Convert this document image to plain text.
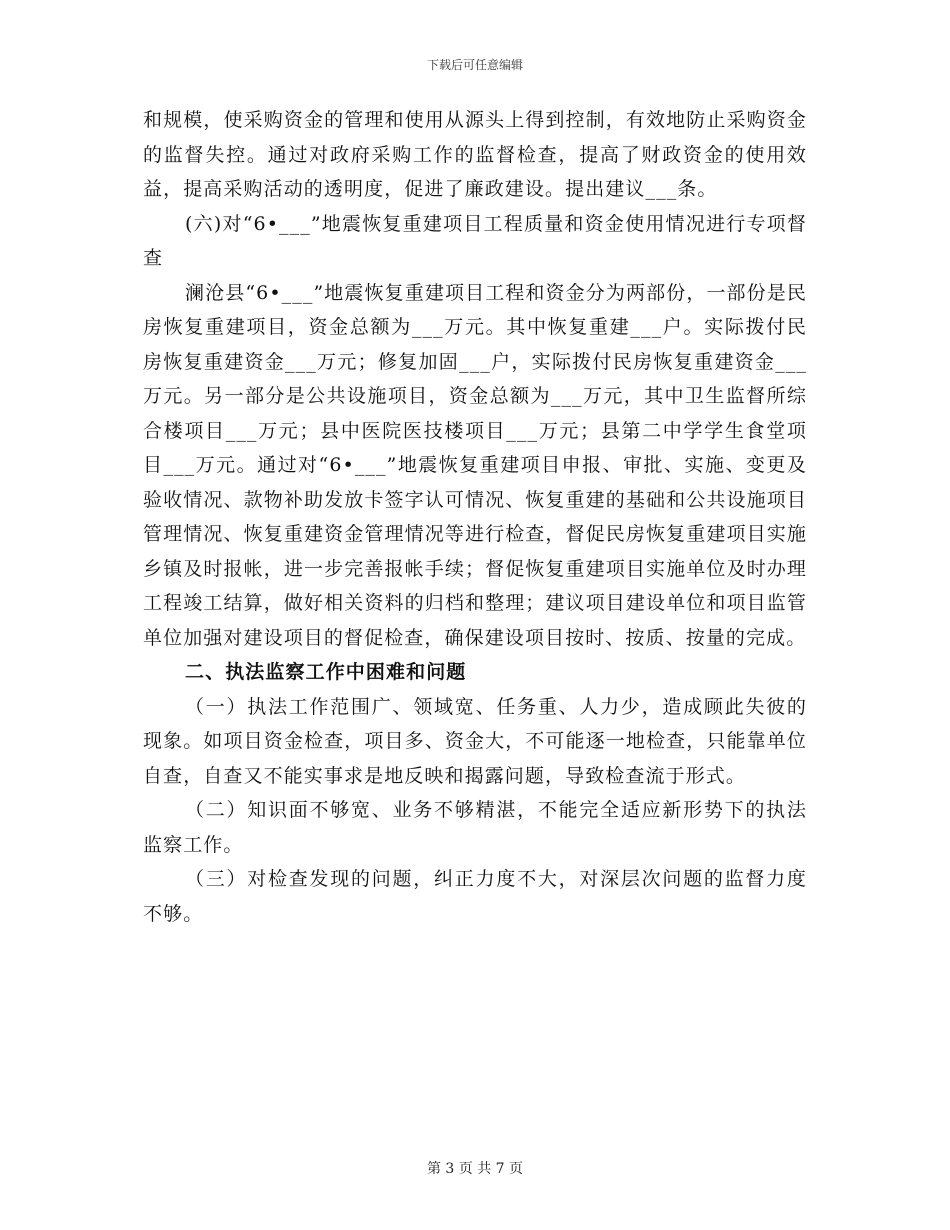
下载后可任意编辑

和规模，使采购资金的管理和使用从源头上得到控制，有效地防止采购资金的监督失控。通过对政府采购工作的监督检查，提高了财政资金的使用效益，提高采购活动的透明度，促进了廉政建设。提出建议___条。

(六)对“6•___”地震恢复重建项目工程质量和资金使用情况进行专项督查

澜沧县“6•___”地震恢复重建项目工程和资金分为两部份，一部份是民房恢复重建项目，资金总额为___万元。其中恢复重建___户。实际拨付民房恢复重建资金___万元；修复加固___户，实际拨付民房恢复重建资金___万元。另一部分是公共设施项目，资金总额为___万元，其中卫生监督所综合楼项目___万元；县中医院医技楼项目___万元；县第二中学学生食堂项目___万元。通过对“6•___”地震恢复重建项目申报、审批、实施、变更及验收情况、款物补助发放卡签字认可情况、恢复重建的基础和公共设施项目管理情况、恢复重建资金管理情况等进行检查，督促民房恢复重建项目实施乡镇及时报帐，进一步完善报帐手续；督促恢复重建项目实施单位及时办理工程竣工结算，做好相关资料的归档和整理；建议项目建设单位和项目监管单位加强对建设项目的督促检查，确保建设项目按时、按质、按量的完成。

二、执法监察工作中困难和问题

（一）执法工作范围广、领域宽、任务重、人力少，造成顾此失彼的现象。如项目资金检查，项目多、资金大，不可能逐一地检查，只能靠单位自查，自查又不能实事求是地反映和揭露问题，导致检查流于形式。

（二）知识面不够宽、业务不够精湛，不能完全适应新形势下的执法监察工作。

（三）对检查发现的问题，纠正力度不大，对深层次问题的监督力度不够。

第 3 页 共 7 页
